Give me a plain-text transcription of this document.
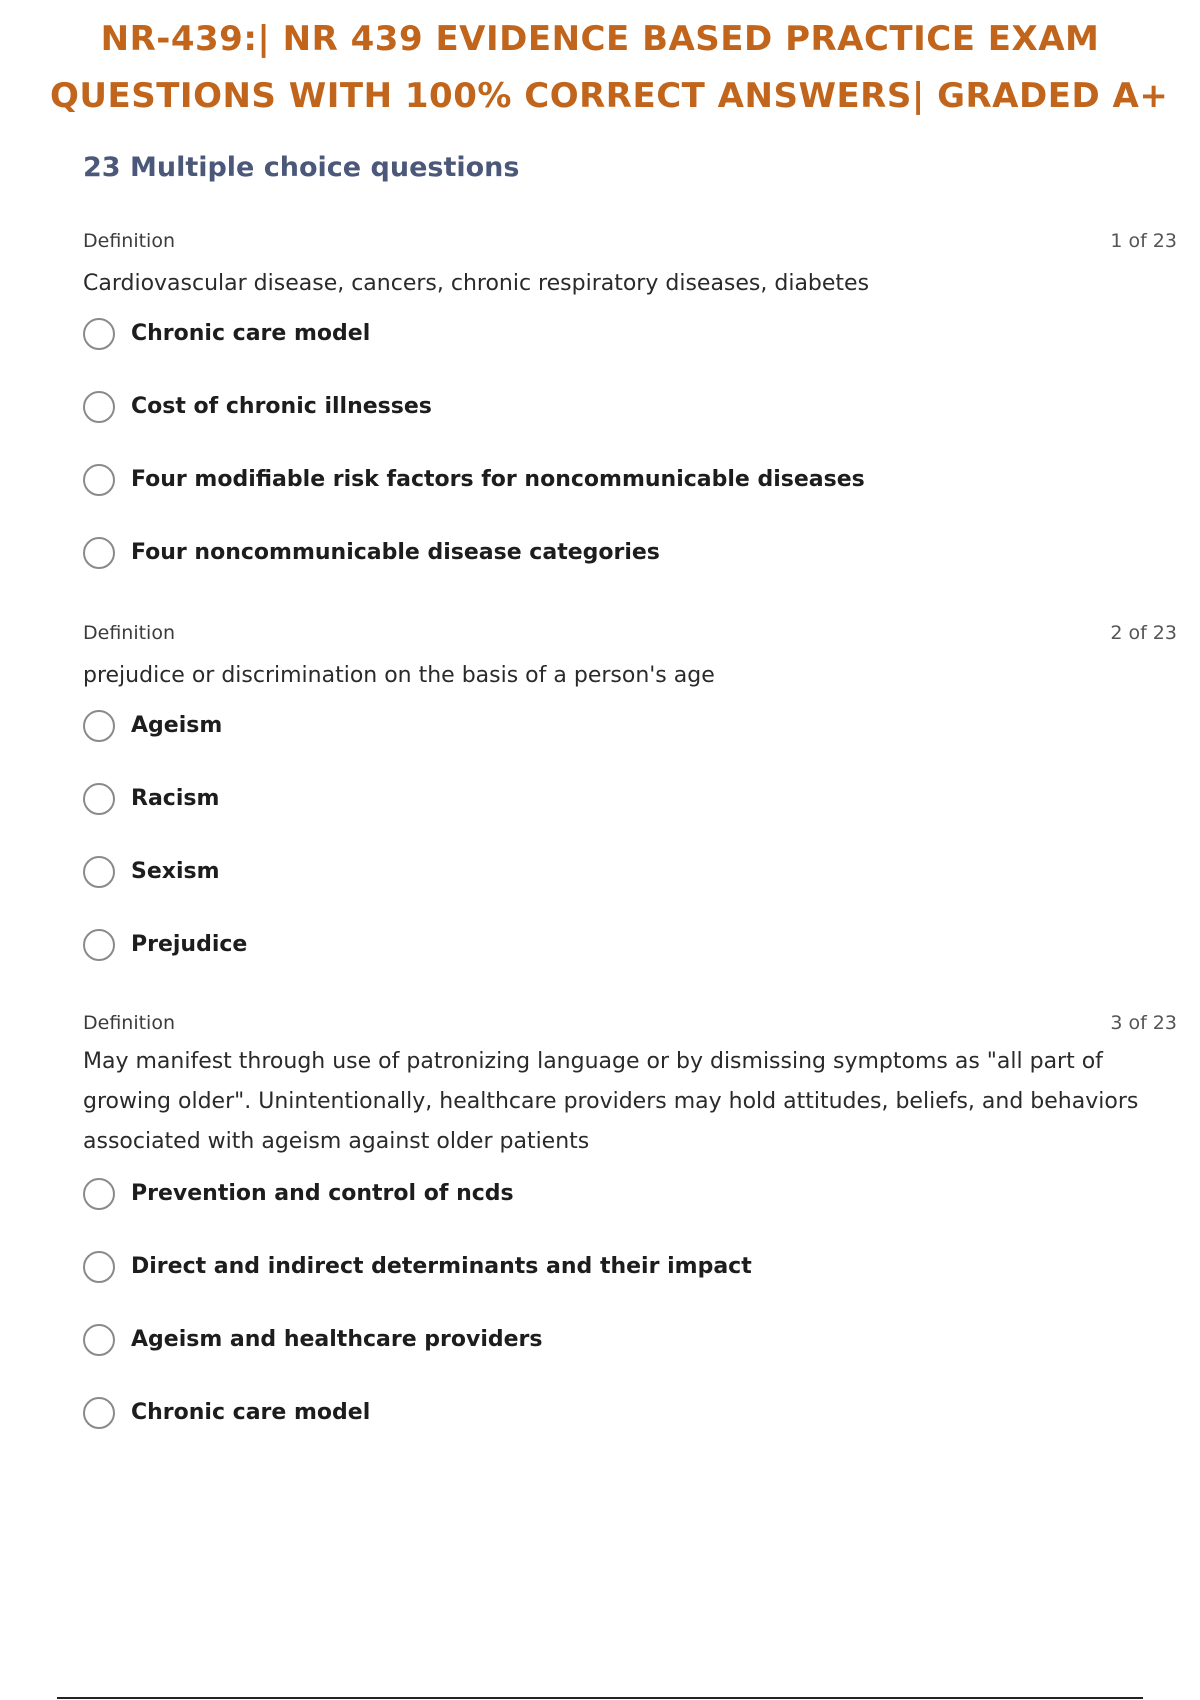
NR-439:| NR 439 EVIDENCE BASED PRACTICE EXAM
QUESTIONS WITH 100% CORRECT ANSWERS| GRADED A+
23 Multiple choice questions
Definition	1 of 23
Cardiovascular disease, cancers, chronic respiratory diseases, diabetes
Chronic care model
Cost of chronic illnesses
Four modifiable risk factors for noncommunicable diseases
Four noncommunicable disease categories
Definition	2 of 23
prejudice or discrimination on the basis of a person's age
Ageism
Racism
Sexism
Prejudice
Definition	3 of 23
May manifest through use of patronizing language or by dismissing symptoms as "all part of growing older". Unintentionally, healthcare providers may hold attitudes, beliefs, and behaviors associated with ageism against older patients
Prevention and control of ncds
Direct and indirect determinants and their impact
Ageism and healthcare providers
Chronic care model
